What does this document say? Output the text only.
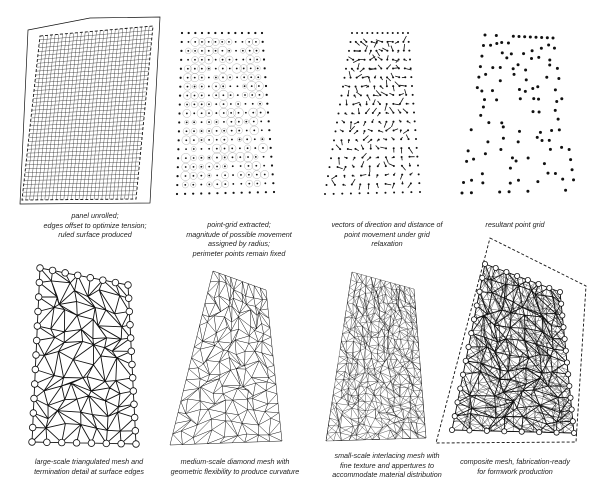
panel unrolled;
edges offset to optimize tension;
ruled surface produced
point-grid extracted;
magnitude of possible movement
assigned by radius;
perimeter points remain fixed
vectors of direction and distance of
point movement under grid
relaxation
resultant point grid
large-scale triangulated mesh and
termination detail at surface edges
medium-scale diamond mesh with
geometric flexibility to produce curvature
small-scale interlacing mesh with
fine texture and appertures to
accommodate material distribution
composite mesh, fabrication-ready
for formwork production
